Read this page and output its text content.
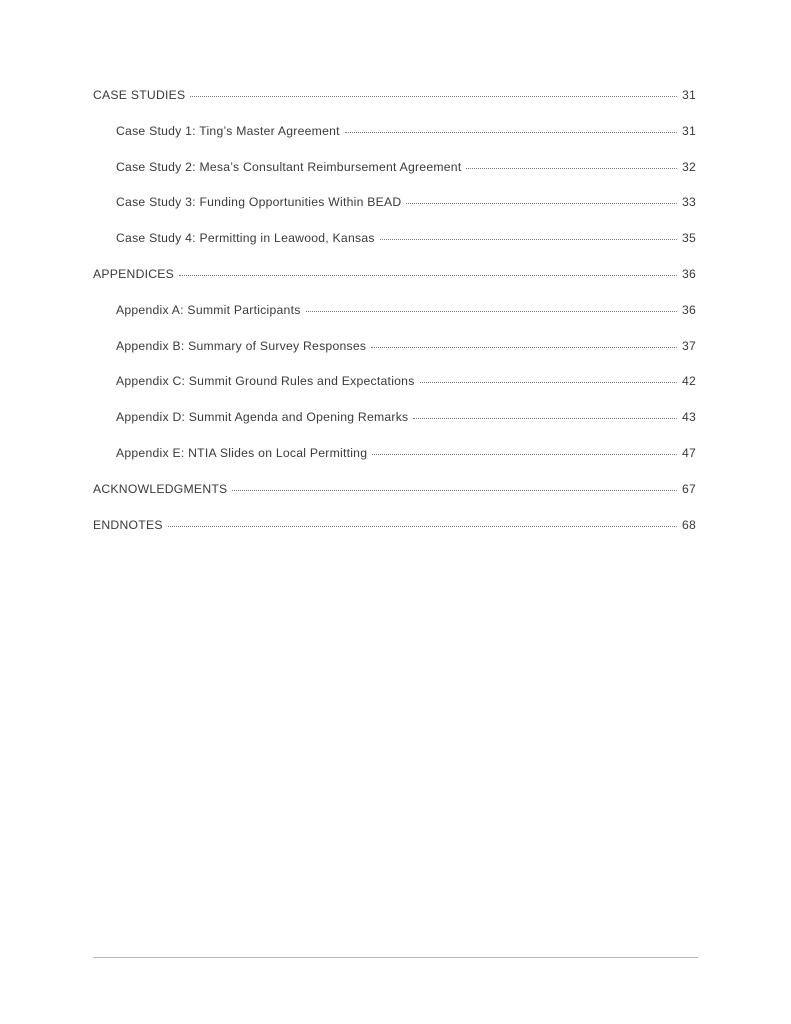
CASE STUDIES	31
Case Study 1: Ting’s Master Agreement	31
Case Study 2: Mesa’s Consultant Reimbursement Agreement	32
Case Study 3: Funding Opportunities Within BEAD	33
Case Study 4: Permitting in Leawood, Kansas	35
APPENDICES	36
Appendix A: Summit Participants	36
Appendix B: Summary of Survey Responses	37
Appendix C: Summit Ground Rules and Expectations	42
Appendix D: Summit Agenda and Opening Remarks	43
Appendix E: NTIA Slides on Local Permitting	47
ACKNOWLEDGMENTS	67
ENDNOTES	68
